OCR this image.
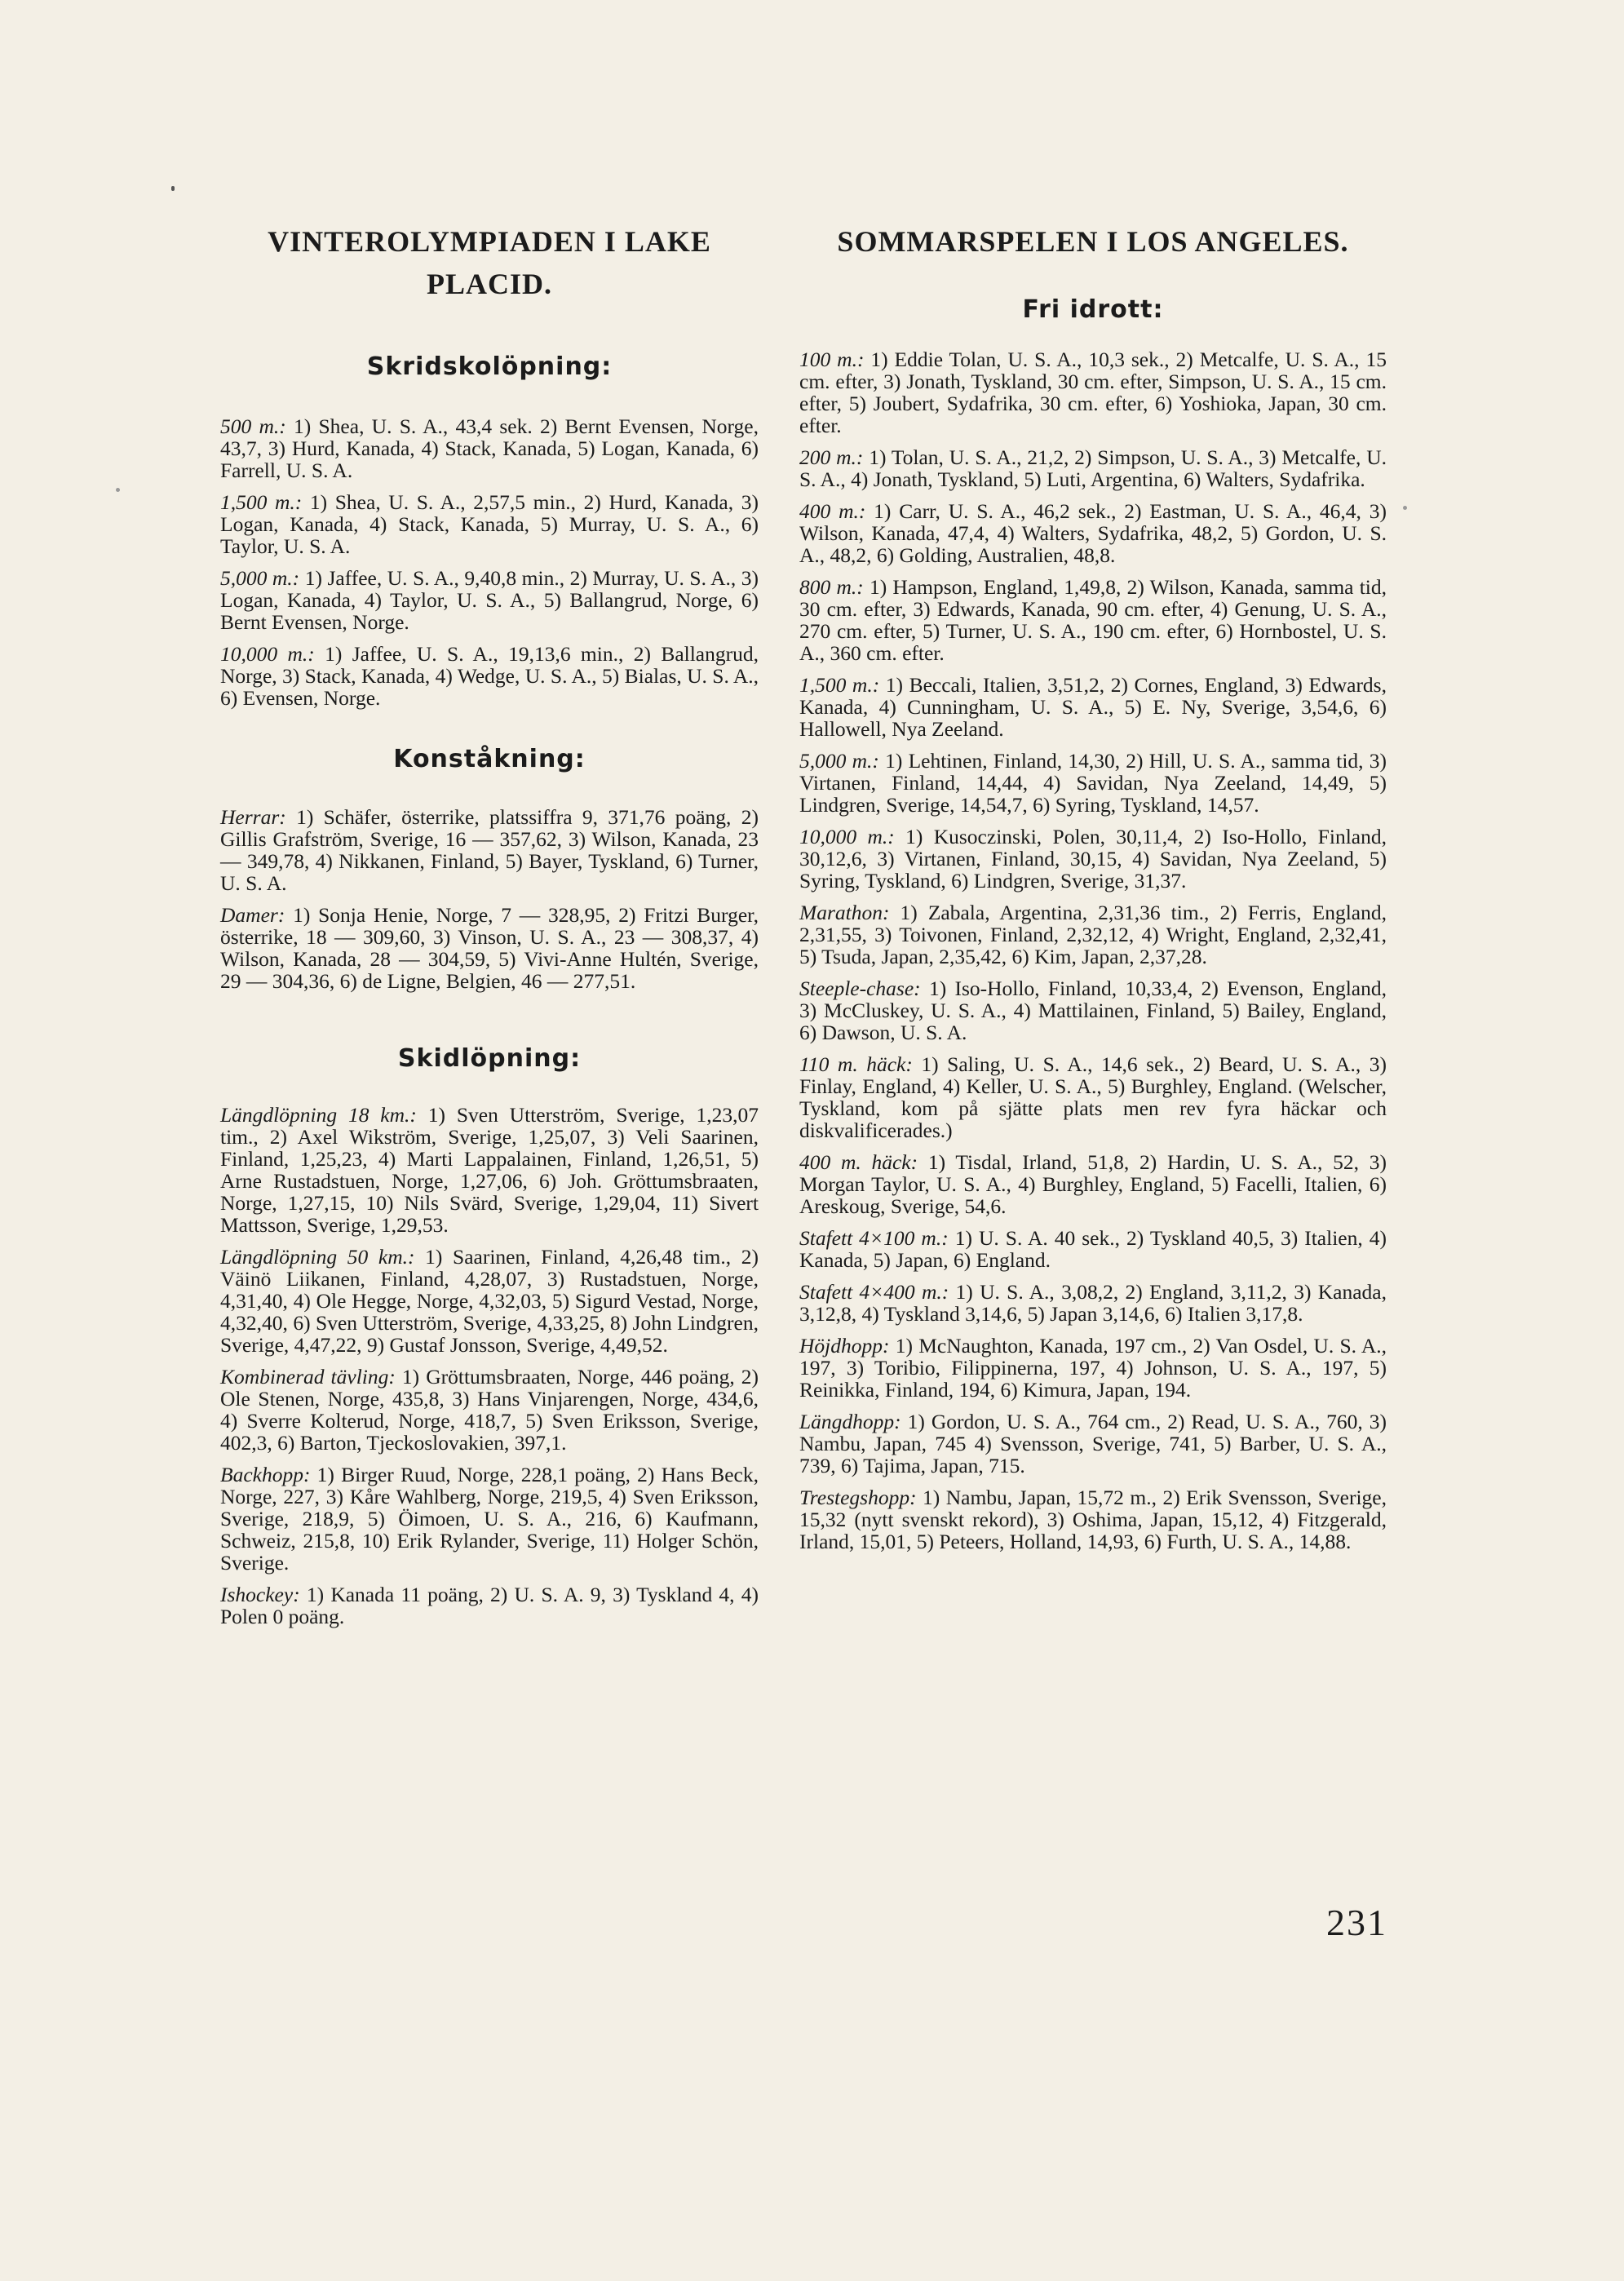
VINTEROLYMPIADEN I LAKE PLACID.
Skridskolöpning:

500 m.: 1) Shea, U. S. A., 43,4 sek. 2) Bernt Evensen, Norge, 43,7, 3) Hurd, Kanada, 4) Stack, Kanada, 5) Logan, Kanada, 6) Farrell, U. S. A.

1,500 m.: 1) Shea, U. S. A., 2,57,5 min., 2) Hurd, Kanada, 3) Logan, Kanada, 4) Stack, Kanada, 5) Murray, U. S. A., 6) Taylor, U. S. A.

5,000 m.: 1) Jaffee, U. S. A., 9,40,8 min., 2) Murray, U. S. A., 3) Logan, Kanada, 4) Taylor, U. S. A., 5) Ballangrud, Norge, 6) Bernt Evensen, Norge.

10,000 m.: 1) Jaffee, U. S. A., 19,13,6 min., 2) Ballangrud, Norge, 3) Stack, Kanada, 4) Wedge, U. S. A., 5) Bialas, U. S. A., 6) Evensen, Norge.

Konståkning:

Herrar: 1) Schäfer, österrike, platssiffra 9, 371,76 poäng, 2) Gillis Grafström, Sverige, 16 — 357,62, 3) Wilson, Kanada, 23 — 349,78, 4) Nikkanen, Finland, 5) Bayer, Tyskland, 6) Turner, U. S. A.

Damer: 1) Sonja Henie, Norge, 7 — 328,95, 2) Fritzi Burger, österrike, 18 — 309,60, 3) Vinson, U. S. A., 23 — 308,37, 4) Wilson, Kanada, 28 — 304,59, 5) Vivi-Anne Hultén, Sverige, 29 — 304,36, 6) de Ligne, Belgien, 46 — 277,51.

Skidlöpning:

Längdlöpning 18 km.: 1) Sven Utterström, Sverige, 1,23,07 tim., 2) Axel Wikström, Sverige, 1,25,07, 3) Veli Saarinen, Finland, 1,25,23, 4) Marti Lappalainen, Finland, 1,26,51, 5) Arne Rustadstuen, Norge, 1,27,06, 6) Joh. Gröttumsbraaten, Norge, 1,27,15, 10) Nils Svärd, Sverige, 1,29,04, 11) Sivert Mattsson, Sverige, 1,29,53.

Längdlöpning 50 km.: 1) Saarinen, Finland, 4,26,48 tim., 2) Väinö Liikanen, Finland, 4,28,07, 3) Rustadstuen, Norge, 4,31,40, 4) Ole Hegge, Norge, 4,32,03, 5) Sigurd Vestad, Norge, 4,32,40, 6) Sven Utterström, Sverige, 4,33,25, 8) John Lindgren, Sverige, 4,47,22, 9) Gustaf Jonsson, Sverige, 4,49,52.

Kombinerad tävling: 1) Gröttumsbraaten, Norge, 446 poäng, 2) Ole Stenen, Norge, 435,8, 3) Hans Vinjarengen, Norge, 434,6, 4) Sverre Kolterud, Norge, 418,7, 5) Sven Eriksson, Sverige, 402,3, 6) Barton, Tjeckoslovakien, 397,1.

Backhopp: 1) Birger Ruud, Norge, 228,1 poäng, 2) Hans Beck, Norge, 227, 3) Kåre Wahlberg, Norge, 219,5, 4) Sven Eriksson, Sverige, 218,9, 5) Öimoen, U. S. A., 216, 6) Kaufmann, Schweiz, 215,8, 10) Erik Rylander, Sverige, 11) Holger Schön, Sverige.

Ishockey: 1) Kanada 11 poäng, 2) U. S. A. 9, 3) Tyskland 4, 4) Polen 0 poäng.

SOMMARSPELEN I LOS ANGELES.
Fri idrott:

100 m.: 1) Eddie Tolan, U. S. A., 10,3 sek., 2) Metcalfe, U. S. A., 15 cm. efter, 3) Jonath, Tyskland, 30 cm. efter, Simpson, U. S. A., 15 cm. efter, 5) Joubert, Sydafrika, 30 cm. efter, 6) Yoshioka, Japan, 30 cm. efter.

200 m.: 1) Tolan, U. S. A., 21,2, 2) Simpson, U. S. A., 3) Metcalfe, U. S. A., 4) Jonath, Tyskland, 5) Luti, Argentina, 6) Walters, Sydafrika.

400 m.: 1) Carr, U. S. A., 46,2 sek., 2) Eastman, U. S. A., 46,4, 3) Wilson, Kanada, 47,4, 4) Walters, Sydafrika, 48,2, 5) Gordon, U. S. A., 48,2, 6) Golding, Australien, 48,8.

800 m.: 1) Hampson, England, 1,49,8, 2) Wilson, Kanada, samma tid, 30 cm. efter, 3) Edwards, Kanada, 90 cm. efter, 4) Genung, U. S. A., 270 cm. efter, 5) Turner, U. S. A., 190 cm. efter, 6) Hornbostel, U. S. A., 360 cm. efter.

1,500 m.: 1) Beccali, Italien, 3,51,2, 2) Cornes, England, 3) Edwards, Kanada, 4) Cunningham, U. S. A., 5) E. Ny, Sverige, 3,54,6, 6) Hallowell, Nya Zeeland.

5,000 m.: 1) Lehtinen, Finland, 14,30, 2) Hill, U. S. A., samma tid, 3) Virtanen, Finland, 14,44, 4) Savidan, Nya Zeeland, 14,49, 5) Lindgren, Sverige, 14,54,7, 6) Syring, Tyskland, 14,57.

10,000 m.: 1) Kusoczinski, Polen, 30,11,4, 2) Iso-Hollo, Finland, 30,12,6, 3) Virtanen, Finland, 30,15, 4) Savidan, Nya Zeeland, 5) Syring, Tyskland, 6) Lindgren, Sverige, 31,37.

Marathon: 1) Zabala, Argentina, 2,31,36 tim., 2) Ferris, England, 2,31,55, 3) Toivonen, Finland, 2,32,12, 4) Wright, England, 2,32,41, 5) Tsuda, Japan, 2,35,42, 6) Kim, Japan, 2,37,28.

Steeple-chase: 1) Iso-Hollo, Finland, 10,33,4, 2) Evenson, England, 3) McCluskey, U. S. A., 4) Mattilainen, Finland, 5) Bailey, England, 6) Dawson, U. S. A.

110 m. häck: 1) Saling, U. S. A., 14,6 sek., 2) Beard, U. S. A., 3) Finlay, England, 4) Keller, U. S. A., 5) Burghley, England. (Welscher, Tyskland, kom på sjätte plats men rev fyra häckar och diskvalificerades.)

400 m. häck: 1) Tisdal, Irland, 51,8, 2) Hardin, U. S. A., 52, 3) Morgan Taylor, U. S. A., 4) Burghley, England, 5) Facelli, Italien, 6) Areskoug, Sverige, 54,6.

Stafett 4×100 m.: 1) U. S. A. 40 sek., 2) Tyskland 40,5, 3) Italien, 4) Kanada, 5) Japan, 6) England.

Stafett 4×400 m.: 1) U. S. A., 3,08,2, 2) England, 3,11,2, 3) Kanada, 3,12,8, 4) Tyskland 3,14,6, 5) Japan 3,14,6, 6) Italien 3,17,8.

Höjdhopp: 1) McNaughton, Kanada, 197 cm., 2) Van Osdel, U. S. A., 197, 3) Toribio, Filippinerna, 197, 4) Johnson, U. S. A., 197, 5) Reinikka, Finland, 194, 6) Kimura, Japan, 194.

Längdhopp: 1) Gordon, U. S. A., 764 cm., 2) Read, U. S. A., 760, 3) Nambu, Japan, 745 4) Svensson, Sverige, 741, 5) Barber, U. S. A., 739, 6) Tajima, Japan, 715.

Trestegshopp: 1) Nambu, Japan, 15,72 m., 2) Erik Svensson, Sverige, 15,32 (nytt svenskt rekord), 3) Oshima, Japan, 15,12, 4) Fitzgerald, Irland, 15,01, 5) Peteers, Holland, 14,93, 6) Furth, U. S. A., 14,88.

231
